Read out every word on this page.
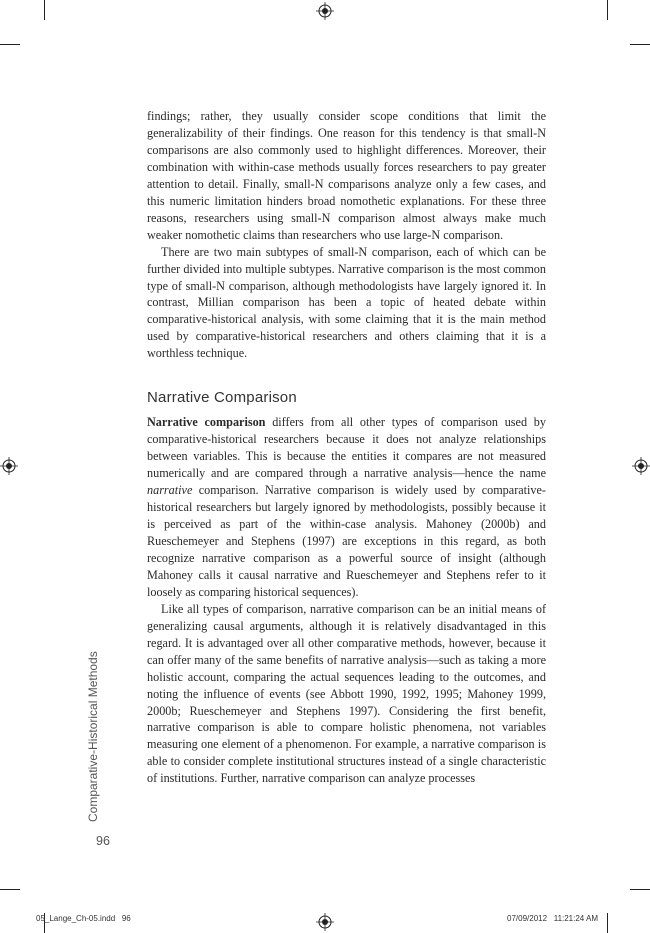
findings; rather, they usually consider scope conditions that limit the generalizability of their findings. One reason for this tendency is that small-N comparisons are also commonly used to highlight differences. Moreover, their combination with within-case methods usually forces researchers to pay greater attention to detail. Finally, small-N comparisons analyze only a few cases, and this numeric limitation hinders broad nomothetic explanations. For these three reasons, researchers using small-N comparison almost always make much weaker nomothetic claims than researchers who use large-N comparison.

There are two main subtypes of small-N comparison, each of which can be further divided into multiple subtypes. Narrative comparison is the most common type of small-N comparison, although methodologists have largely ignored it. In contrast, Millian comparison has been a topic of heated debate within comparative-historical analysis, with some claiming that it is the main method used by comparative-historical researchers and others claiming that it is a worthless technique.

Narrative Comparison

Narrative comparison differs from all other types of comparison used by comparative-historical researchers because it does not analyze relationships between variables. This is because the entities it compares are not measured numerically and are compared through a narrative analysis—hence the name narrative comparison. Narrative comparison is widely used by comparative-historical researchers but largely ignored by methodologists, possibly because it is perceived as part of the within-case analysis. Mahoney (2000b) and Rueschemeyer and Stephens (1997) are exceptions in this regard, as both recognize narrative comparison as a powerful source of insight (although Mahoney calls it causal narrative and Rueschemeyer and Stephens refer to it loosely as comparing historical sequences).

Like all types of comparison, narrative comparison can be an initial means of generalizing causal arguments, although it is relatively disadvantaged in this regard. It is advantaged over all other comparative methods, however, because it can offer many of the same benefits of narrative analysis—such as taking a more holistic account, comparing the actual sequences leading to the outcomes, and noting the influence of events (see Abbott 1990, 1992, 1995; Mahoney 1999, 2000b; Rueschemeyer and Stephens 1997). Considering the first benefit, narrative comparison is able to compare holistic phenomena, not variables measuring one element of a phenomenon. For example, a narrative comparison is able to consider complete institutional structures instead of a single characteristic of institutions. Further, narrative comparison can analyze processes

Comparative-Historical Methods
96
05_Lange_Ch-05.indd   96	07/09/2012   11:21:24 AM
